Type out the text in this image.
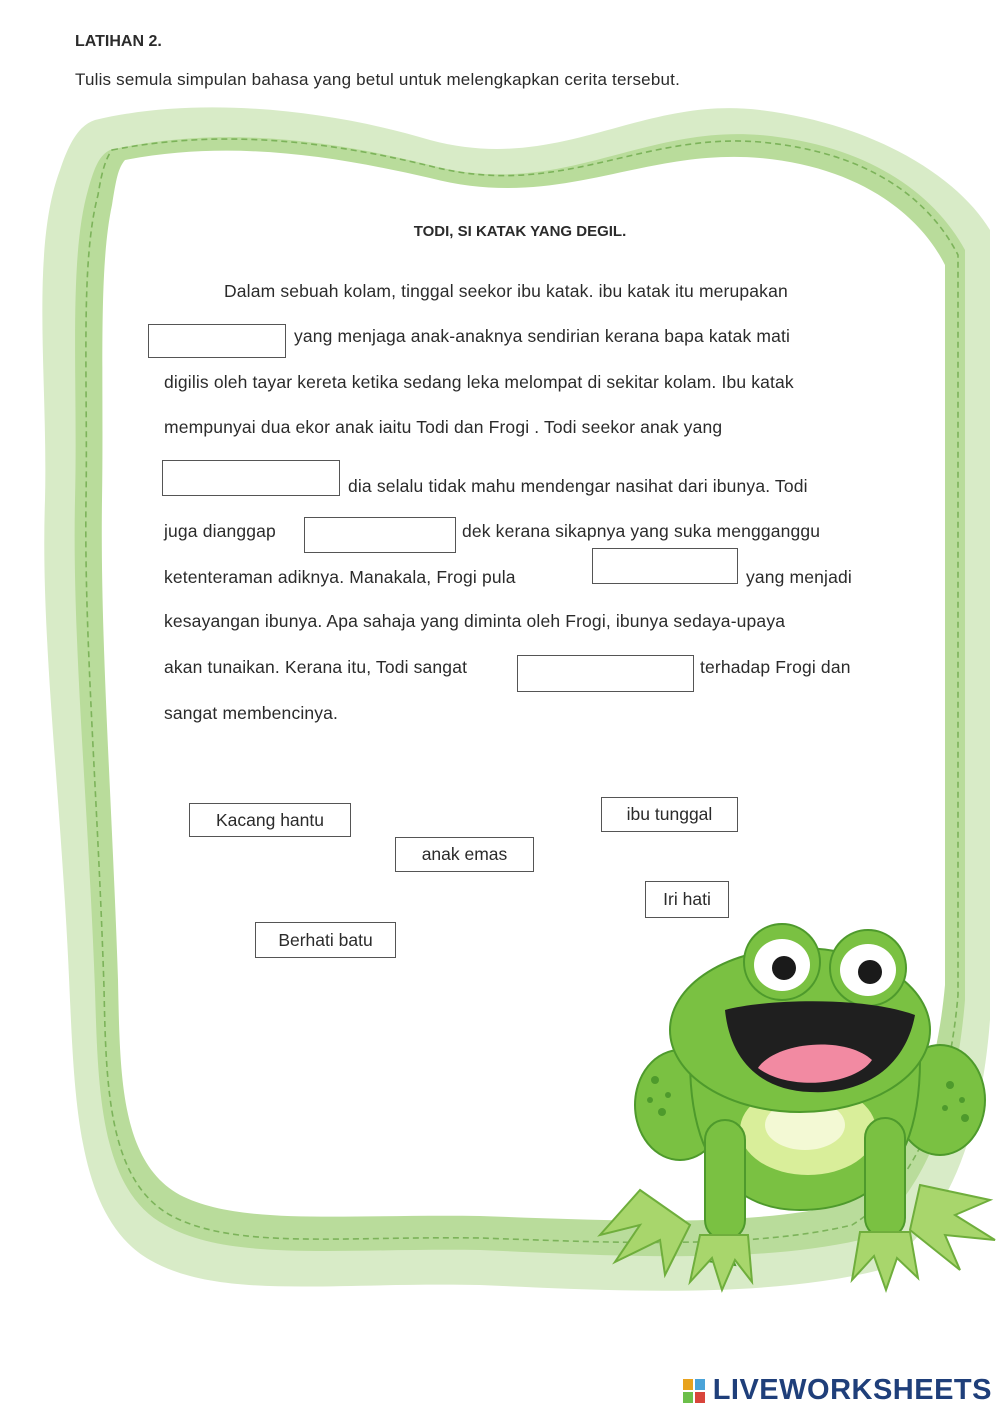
LATIHAN 2.
Tulis semula simpulan bahasa yang betul untuk melengkapkan cerita tersebut.
TODI, SI KATAK YANG DEGIL.
Dalam sebuah kolam, tinggal seekor ibu katak. ibu katak itu merupakan
yang menjaga anak-anaknya sendirian kerana bapa katak mati
digilis oleh tayar kereta ketika sedang leka melompat di sekitar kolam. Ibu katak
mempunyai dua ekor anak iaitu Todi dan Frogi . Todi seekor anak yang
dia selalu tidak mahu mendengar nasihat dari ibunya. Todi
juga dianggap	dek kerana sikapnya yang suka mengganggu
ketenteraman adiknya. Manakala, Frogi pula	yang menjadi
kesayangan ibunya. Apa sahaja yang diminta oleh Frogi, ibunya sedaya-upaya
akan tunaikan. Kerana itu, Todi sangat	terhadap Frogi dan
sangat membencinya.
Kacang hantu
anak emas
ibu tunggal
Iri hati
Berhati batu
LIVEWORKSHEETS
